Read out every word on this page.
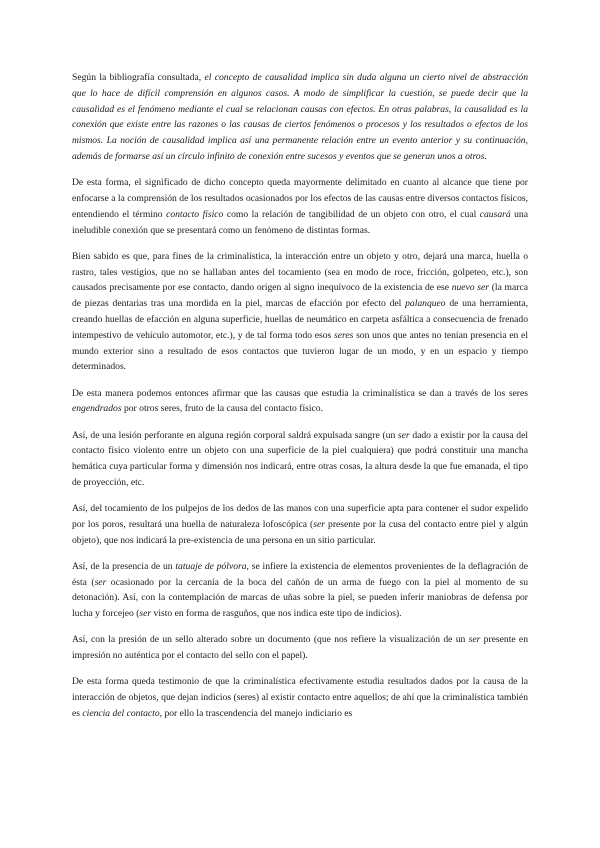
Según la bibliografía consultada, el concepto de causalidad implica sin duda alguna un cierto nivel de abstracción que lo hace de difícil comprensión en algunos casos. A modo de simplificar la cuestión, se puede decir que la causalidad es el fenómeno mediante el cual se relacionan causas con efectos. En otras palabras, la causalidad es la conexión que existe entre las razones o las causas de ciertos fenómenos o procesos y los resultados o efectos de los mismos. La noción de causalidad implica así una permanente relación entre un evento anterior y su continuación, además de formarse así un círculo infinito de conexión entre sucesos y eventos que se generan unos a otros.

De esta forma, el significado de dicho concepto queda mayormente delimitado en cuanto al alcance que tiene por enfocarse a la comprensión de los resultados ocasionados por los efectos de las causas entre diversos contactos físicos, entendiendo el término contacto físico como la relación de tangibilidad de un objeto con otro, el cual causará una ineludible conexión que se presentará como un fenómeno de distintas formas.

Bien sabido es que, para fines de la criminalística, la interacción entre un objeto y otro, dejará una marca, huella o rastro, tales vestigios, que no se hallaban antes del tocamiento (sea en modo de roce, fricción, golpeteo, etc.), son causados precisamente por ese contacto, dando origen al signo inequívoco de la existencia de ese nuevo ser (la marca de piezas dentarias tras una mordida en la piel, marcas de efacción por efecto del palanqueo de una herramienta, creando huellas de efacción en alguna superficie, huellas de neumático en carpeta asfáltica a consecuencia de frenado intempestivo de vehículo automotor, etc.), y de tal forma todo esos seres son unos que antes no tenían presencia en el mundo exterior sino a resultado de esos contactos que tuvieron lugar de un modo, y en un espacio y tiempo determinados.

De esta manera podemos entonces afirmar que las causas que estudia la criminalística se dan a través de los seres engendrados por otros seres, fruto de la causa del contacto físico.

Así, de una lesión perforante en alguna región corporal saldrá expulsada sangre (un ser dado a existir por la causa del contacto físico violento entre un objeto con una superficie de la piel cualquiera) que podrá constituir una mancha hemática cuya particular forma y dimensión nos indicará, entre otras cosas, la altura desde la que fue emanada, el tipo de proyección, etc.

Así, del tocamiento de los pulpejos de los dedos de las manos con una superficie apta para contener el sudor expelido por los poros, resultará una huella de naturaleza lofoscópica (ser presente por la cusa del contacto entre piel y algún objeto), que nos indicará la pre-existencia de una persona en un sitio particular.

Así, de la presencia de un tatuaje de pólvora, se infiere la existencia de elementos provenientes de la deflagración de ésta (ser ocasionado por la cercanía de la boca del cañón de un arma de fuego con la piel al momento de su detonación). Así, con la contemplación de marcas de uñas sobre la piel, se pueden inferir maniobras de defensa por lucha y forcejeo (ser visto en forma de rasguños, que nos indica este tipo de indicios).

Así, con la presión de un sello alterado sobre un documento (que nos refiere la visualización de un ser presente en impresión no auténtica por el contacto del sello con el papel).

De esta forma queda testimonio de que la criminalística efectivamente estudia resultados dados por la causa de la interacción de objetos, que dejan indicios (seres) al existir contacto entre aquellos; de ahí que la criminalística también es ciencia del contacto, por ello la trascendencia del manejo indiciario es
